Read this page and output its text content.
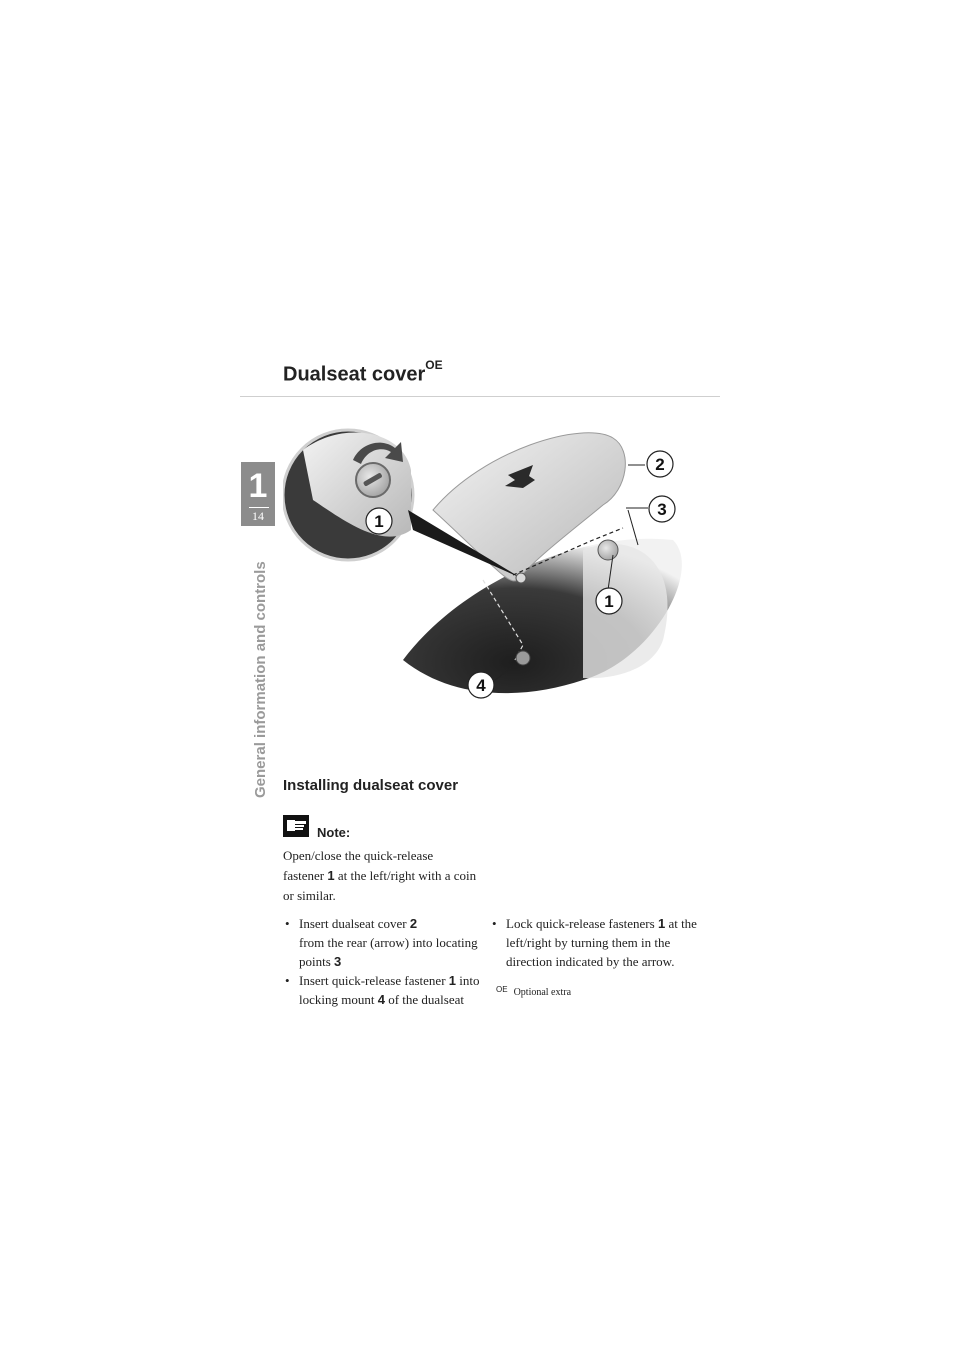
1
14
General information and controls
Dualseat cover$^{OE}$
1
2
3
1
4
Installing dualseat cover
Note:
Open/close the quick-release
fastener 1 at the left/right with a coin
or similar.

• Insert dualseat cover 2
from the rear (arrow) into locating
points 3

• Insert quick-release fastener 1 into
locking mount 4 of the dualseat

• Lock quick-release fasteners 1 at the
left/right by turning them in the
direction indicated by the arrow.

$^{OE}$ Optional extra
